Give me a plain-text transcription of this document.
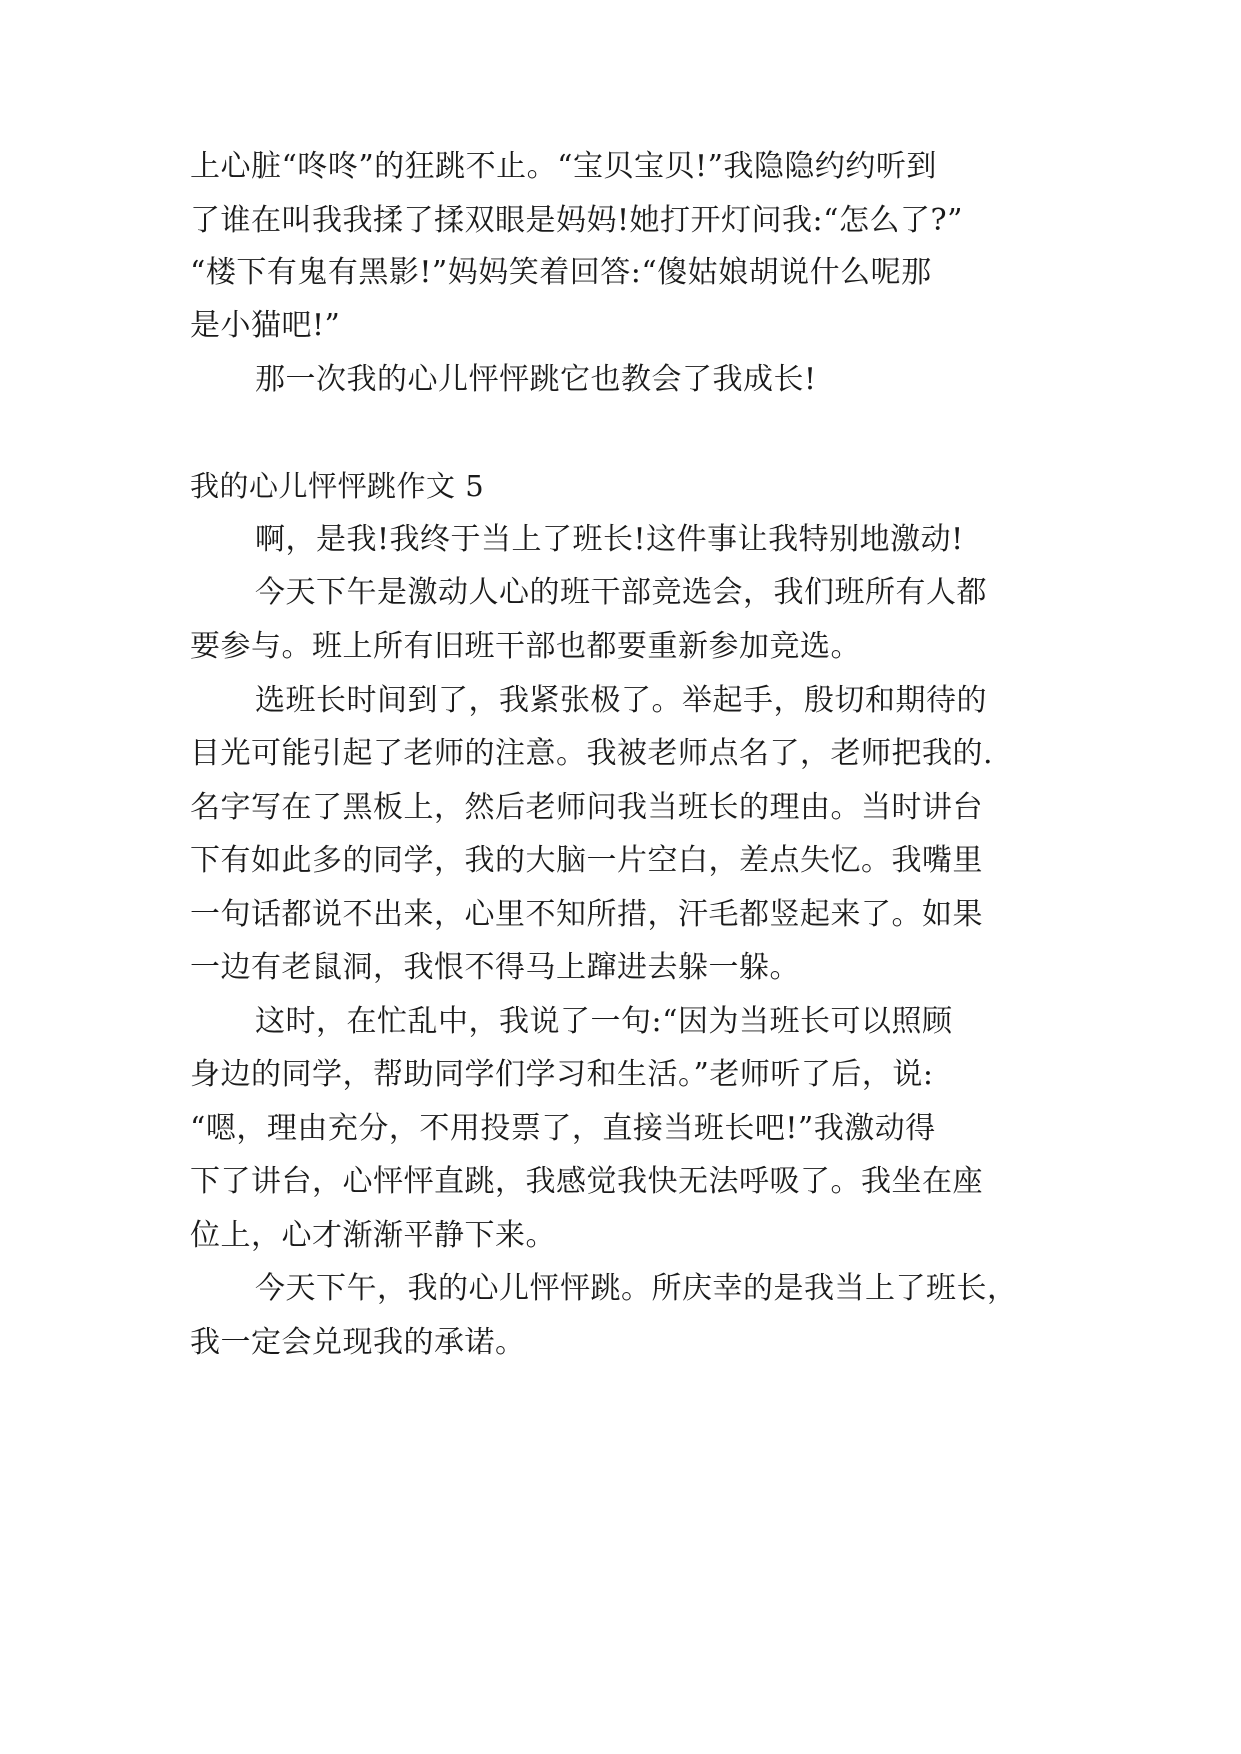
上心脏“咚咚”的狂跳不止。“宝贝宝贝!”我隐隐约约听到
了谁在叫我我揉了揉双眼是妈妈!她打开灯问我:“怎么了?”
“楼下有鬼有黑影!”妈妈笑着回答:“傻姑娘胡说什么呢那
是小猫吧!”
那一次我的心儿怦怦跳它也教会了我成长!
我的心儿怦怦跳作文 5
啊，是我!我终于当上了班长!这件事让我特别地激动!
今天下午是激动人心的班干部竞选会，我们班所有人都
要参与。班上所有旧班干部也都要重新参加竞选。
选班长时间到了，我紧张极了。举起手，殷切和期待的
目光可能引起了老师的注意。我被老师点名了，老师把我的.
名字写在了黑板上，然后老师问我当班长的理由。当时讲台
下有如此多的同学，我的大脑一片空白，差点失忆。我嘴里
一句话都说不出来，心里不知所措，汗毛都竖起来了。如果
一边有老鼠洞，我恨不得马上蹿进去躲一躲。
这时，在忙乱中，我说了一句:“因为当班长可以照顾
身边的同学，帮助同学们学习和生活。”老师听了后，说:
“嗯，理由充分，不用投票了，直接当班长吧!”我激动得
下了讲台，心怦怦直跳，我感觉我快无法呼吸了。我坐在座
位上，心才渐渐平静下来。
今天下午，我的心儿怦怦跳。所庆幸的是我当上了班长，
我一定会兑现我的承诺。
